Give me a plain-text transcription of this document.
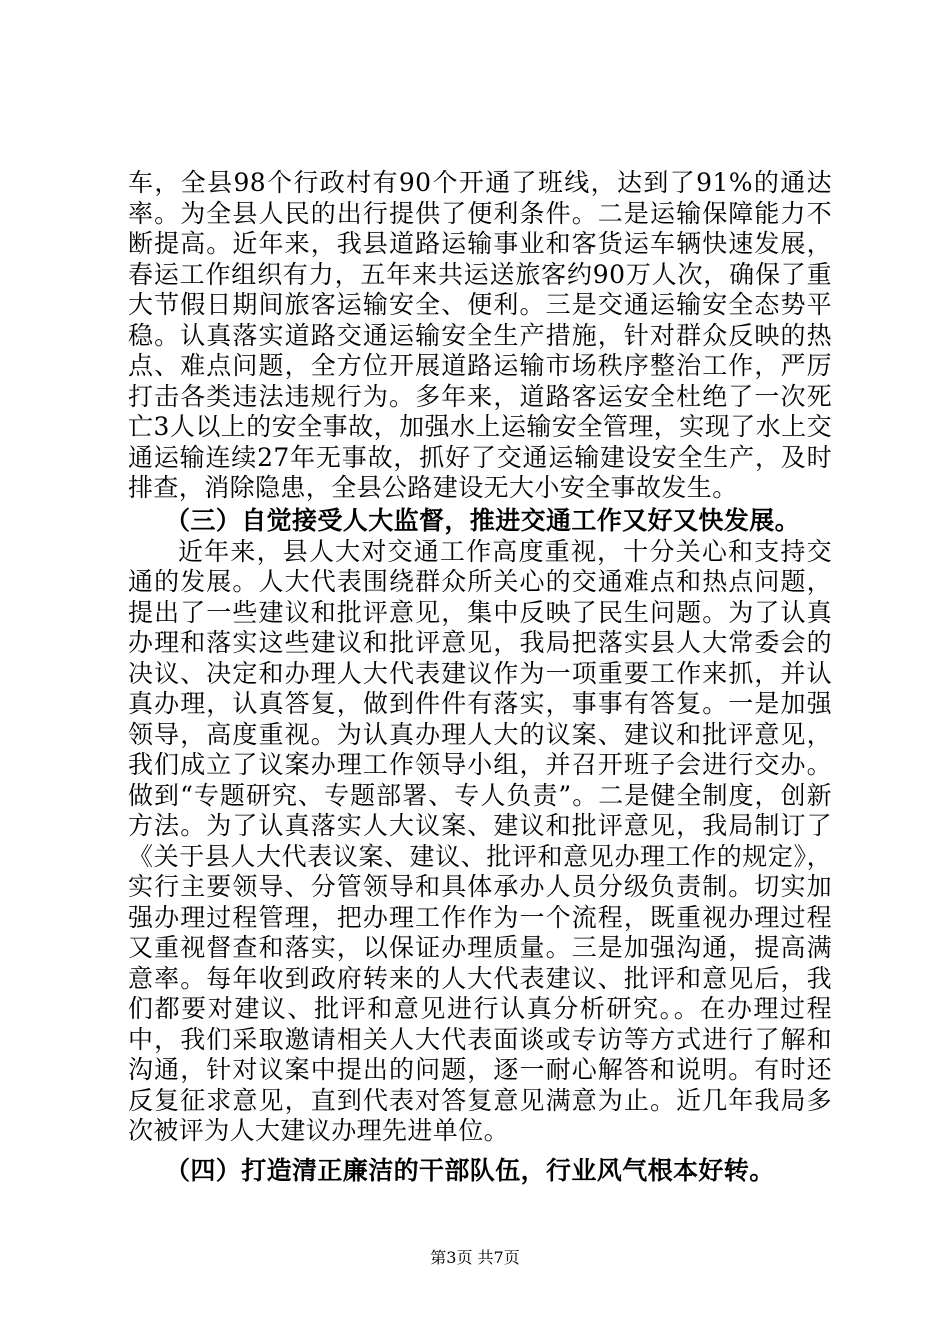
车，全县98个行政村有90个开通了班线，达到了91%的通达率。为全县人民的出行提供了便利条件。二是运输保障能力不断提高。近年来，我县道路运输事业和客货运车辆快速发展，春运工作组织有力，五年来共运送旅客约90万人次，确保了重大节假日期间旅客运输安全、便利。三是交通运输安全态势平稳。认真落实道路交通运输安全生产措施，针对群众反映的热点、难点问题，全方位开展道路运输市场秩序整治工作，严厉打击各类违法违规行为。多年来，道路客运安全杜绝了一次死亡3人以上的安全事故，加强水上运输安全管理，实现了水上交通运输连续27年无事故，抓好了交通运输建设安全生产，及时排查，消除隐患，全县公路建设无大小安全事故发生。

（三）自觉接受人大监督，推进交通工作又好又快发展。

近年来，县人大对交通工作高度重视，十分关心和支持交通的发展。人大代表围绕群众所关心的交通难点和热点问题，提出了一些建议和批评意见，集中反映了民生问题。为了认真办理和落实这些建议和批评意见，我局把落实县人大常委会的决议、决定和办理人大代表建议作为一项重要工作来抓，并认真办理，认真答复，做到件件有落实，事事有答复。一是加强领导，高度重视。为认真办理人大的议案、建议和批评意见，我们成立了议案办理工作领导小组，并召开班子会进行交办。做到“专题研究、专题部署、专人负责”。二是健全制度，创新方法。为了认真落实人大议案、建议和批评意见，我局制订了《关于县人大代表议案、建议、批评和意见办理工作的规定》，实行主要领导、分管领导和具体承办人员分级负责制。切实加强办理过程管理，把办理工作作为一个流程，既重视办理过程又重视督查和落实，以保证办理质量。三是加强沟通，提高满意率。每年收到政府转来的人大代表建议、批评和意见后，我们都要对建议、批评和意见进行认真分析研究。。在办理过程中，我们采取邀请相关人大代表面谈或专访等方式进行了解和沟通，针对议案中提出的问题，逐一耐心解答和说明。有时还反复征求意见，直到代表对答复意见满意为止。近几年我局多次被评为人大建议办理先进单位。

（四）打造清正廉洁的干部队伍，行业风气根本好转。
第3页 共7页
